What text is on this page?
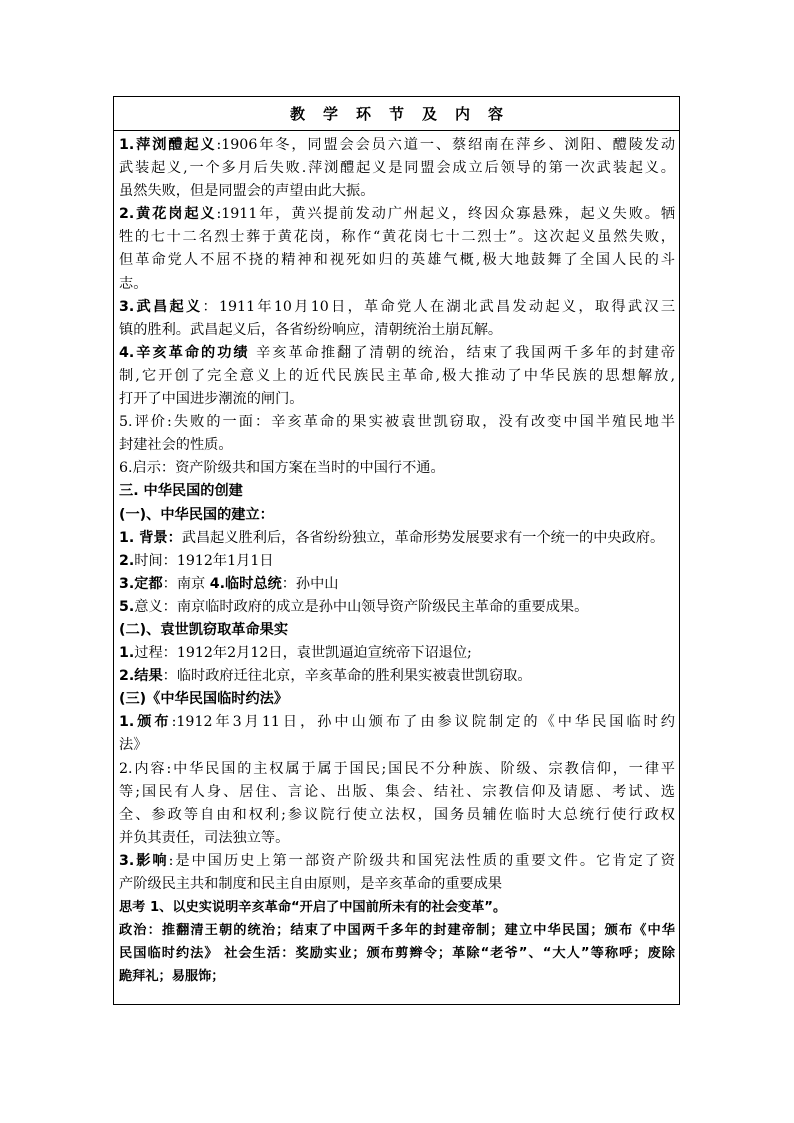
教学环节及内容
1.萍浏醴起义:1906年冬，同盟会会员六道一、蔡绍南在萍乡、浏阳、醴陵发动
武装起义,一个多月后失败.萍浏醴起义是同盟会成立后领导的第一次武装起义。
虽然失败，但是同盟会的声望由此大振。
2.黄花岗起义:1911年，黄兴提前发动广州起义，终因众寡悬殊，起义失败。牺
牲的七十二名烈士葬于黄花岗，称作“黄花岗七十二烈士”。这次起义虽然失败，
但革命党人不屈不挠的精神和视死如归的英雄气概,极大地鼓舞了全国人民的斗
志。
3.武昌起义：1911年10月10日，革命党人在湖北武昌发动起义，取得武汉三
镇的胜利。武昌起义后，各省纷纷响应，清朝统治土崩瓦解。
4.辛亥革命的功绩 辛亥革命推翻了清朝的统治，结束了我国两千多年的封建帝
制,它开创了完全意义上的近代民族民主革命,极大推动了中华民族的思想解放,
打开了中国进步潮流的闸门。
5.评价:失败的一面：辛亥革命的果实被袁世凯窃取，没有改变中国半殖民地半
封建社会的性质。
6.启示：资产阶级共和国方案在当时的中国行不通。
三. 中华民国的创建
(一)、中华民国的建立：
1. 背景：武昌起义胜利后，各省纷纷独立，革命形势发展要求有一个统一的中央政府。
2.时间：1912年1月1日
3.定都：南京 4.临时总统：孙中山
5.意义：南京临时政府的成立是孙中山领导资产阶级民主革命的重要成果。
(二)、袁世凯窃取革命果实
1.过程：1912年2月12日，袁世凯逼迫宣统帝下诏退位;
2.结果：临时政府迁往北京，辛亥革命的胜利果实被袁世凯窃取。
(三)《中华民国临时约法》
1.颁布:1912年3月11日，孙中山颁布了由参议院制定的《中华民国临时约
法》
2.内容:中华民国的主权属于属于国民;国民不分种族、阶级、宗教信仰，一律平
等;国民有人身、居住、言论、出版、集会、结社、宗教信仰及请愿、考试、选
全、参政等自由和权利;参议院行使立法权，国务员辅佐临时大总统行使行政权
并负其责任，司法独立等。
3.影响:是中国历史上第一部资产阶级共和国宪法性质的重要文件。它肯定了资
产阶级民主共和制度和民主自由原则，是辛亥革命的重要成果
思考 1、以史实说明辛亥革命“开启了中国前所未有的社会变革”。
政治：推翻清王朝的统治；结束了中国两千多年的封建帝制；建立中华民国；颁布《中华
民国临时约法》 社会生活：奖励实业；颁布剪辫令；革除“老爷”、“大人”等称呼；废除
跪拜礼；易服饰；
